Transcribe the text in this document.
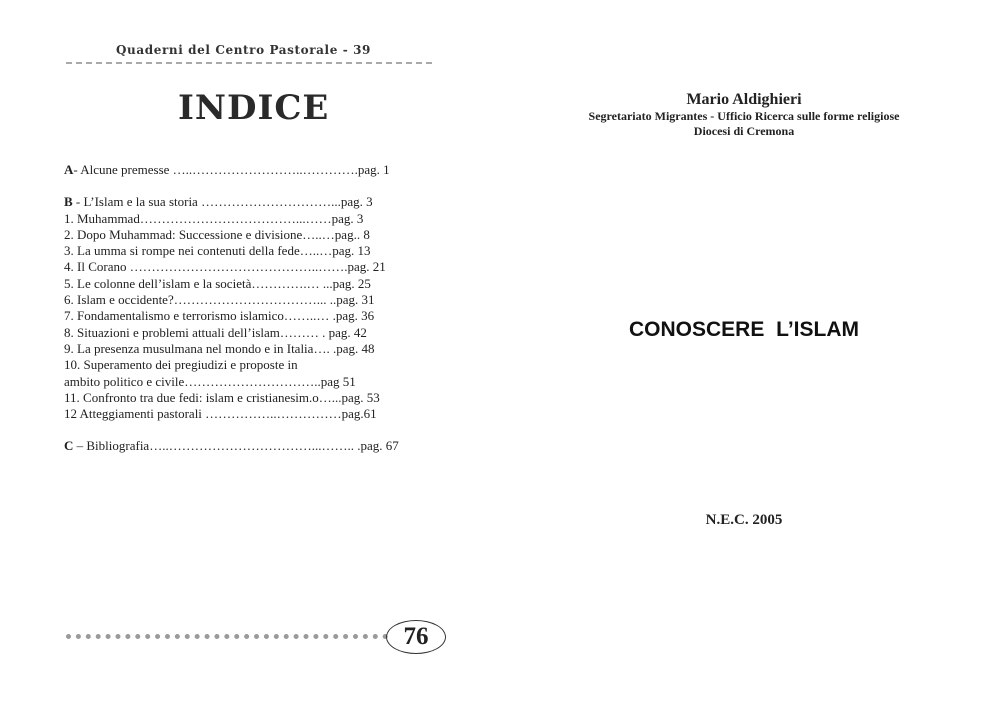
Quaderni del Centro Pastorale - 39
INDICE
A- Alcune premesse …..……………………..………….pag. 1
B - L’Islam e la sua storia …………………………...pag. 3
1. Muhammad………………………………...……pag. 3
2. Dopo Muhammad: Successione e divisione…..…pag.. 8
3. La umma si rompe nei contenuti della fede…..…pag. 13
4. Il Corano ……………………………………..…….pag. 21
5. Le colonne dell’islam e la società………….… ...pag. 25
6. Islam e occidente?……………………………... ..pag. 31
7. Fondamentalismo e terrorismo islamico……..… .pag. 36
8. Situazioni e problemi attuali dell’islam……… . pag. 42
9. La presenza musulmana nel mondo e in Italia…. .pag. 48
10. Superamento dei pregiudizi e proposte in
ambito politico e civile…………………………..pag 51
11. Confronto tra due fedi: islam e cristianesim.o…...pag. 53
12 Atteggiamenti pastorali ……………..……………pag.61
C – Bibliografia…..……………………………...…….. .pag. 67
76
Mario Aldighieri
Segretariato Migrantes - Ufficio Ricerca sulle forme religiose
Diocesi di Cremona
CONOSCERE L’ISLAM
N.E.C. 2005
